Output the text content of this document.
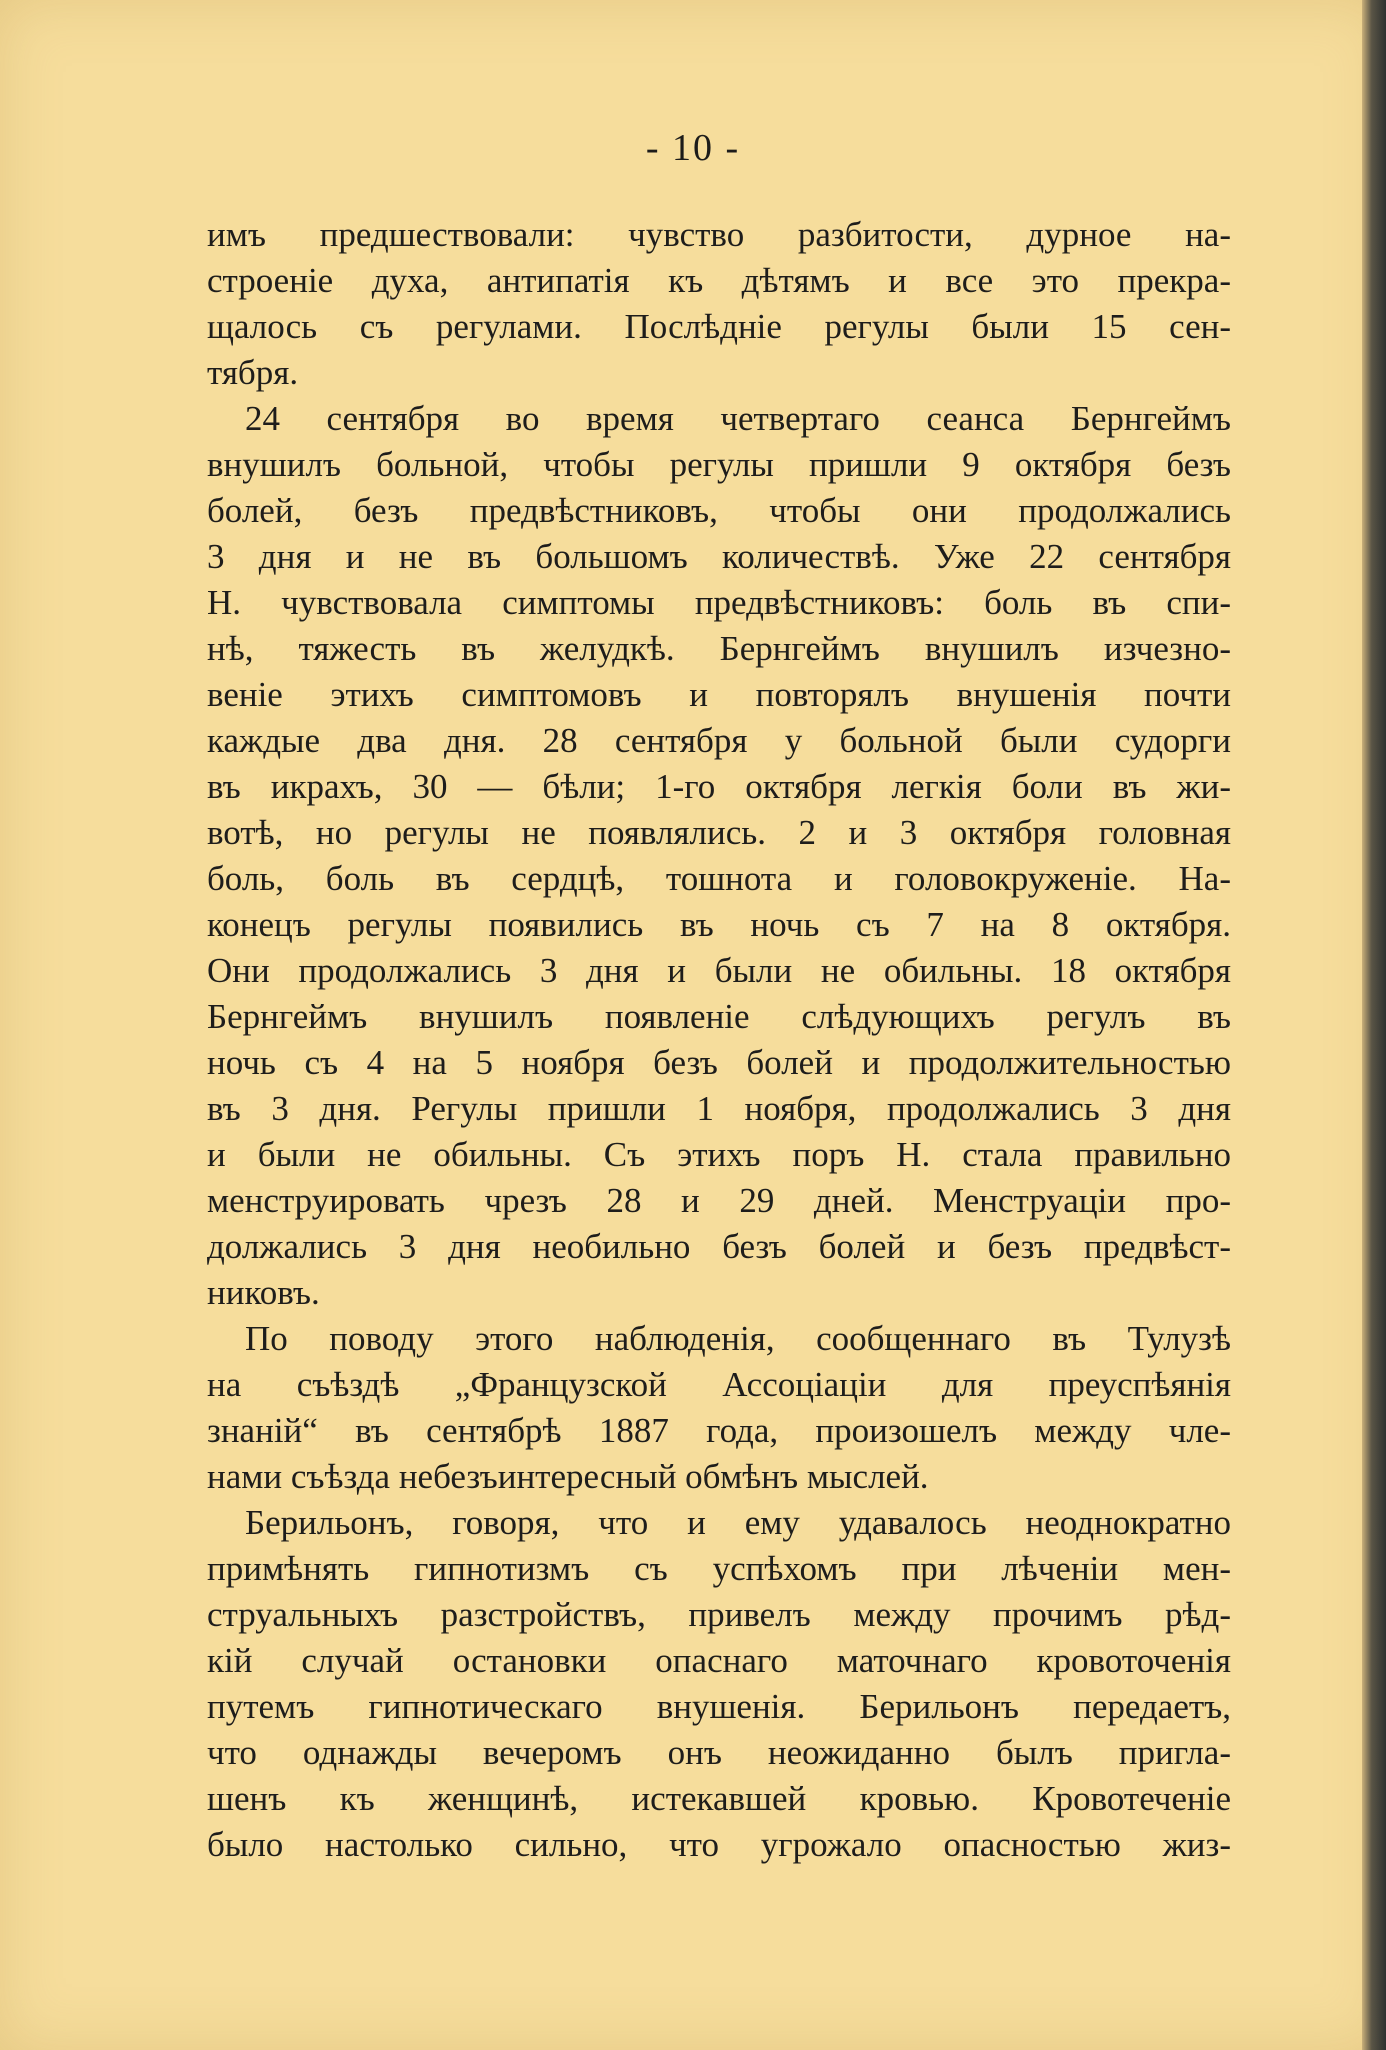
- 10 -
имъ предшествовали: чувство разбитости, дурное на-
строеніе духа, антипатія къ дѣтямъ и все это прекра-
щалось съ регулами. Послѣдніе регулы были 15 сен-
тября.
24 сентября во время четвертаго сеанса Бернгеймъ
внушилъ больной, чтобы регулы пришли 9 октября безъ
болей, безъ предвѣстниковъ, чтобы они продолжались
3 дня и не въ большомъ количествѣ. Уже 22 сентября
Н. чувствовала симптомы предвѣстниковъ: боль въ спи-
нѣ, тяжесть въ желудкѣ. Бернгеймъ внушилъ изчезно-
веніе этихъ симптомовъ и повторялъ внушенія почти
каждые два дня. 28 сентября у больной были судорги
въ икрахъ, 30 — бѣли; 1-го октября легкія боли въ жи-
вотѣ, но регулы не появлялись. 2 и 3 октября головная
боль, боль въ сердцѣ, тошнота и головокруженіе. На-
конецъ регулы появились въ ночь съ 7 на 8 октября.
Они продолжались 3 дня и были не обильны. 18 октября
Бернгеймъ внушилъ появленіе слѣдующихъ регулъ въ
ночь съ 4 на 5 ноября безъ болей и продолжительностью
въ 3 дня. Регулы пришли 1 ноября, продолжались 3 дня
и были не обильны. Съ этихъ поръ Н. стала правильно
менструировать чрезъ 28 и 29 дней. Менструаціи про-
должались 3 дня необильно безъ болей и безъ предвѣст-
никовъ.
По поводу этого наблюденія, сообщеннаго въ Тулузѣ
на съѣздѣ „Французской Ассоціаціи для преуспѣянія
знаній“ въ сентябрѣ 1887 года, произошелъ между чле-
нами съѣзда небезъинтересный обмѣнъ мыслей.
Берильонъ, говоря, что и ему удавалось неоднократно
примѣнять гипнотизмъ съ успѣхомъ при лѣченіи мен-
струальныхъ разстройствъ, привелъ между прочимъ рѣд-
кій случай остановки опаснаго маточнаго кровоточенія
путемъ гипнотическаго внушенія. Берильонъ передаетъ,
что однажды вечеромъ онъ неожиданно былъ пригла-
шенъ къ женщинѣ, истекавшей кровью. Кровотеченіе
было настолько сильно, что угрожало опасностью жиз-
